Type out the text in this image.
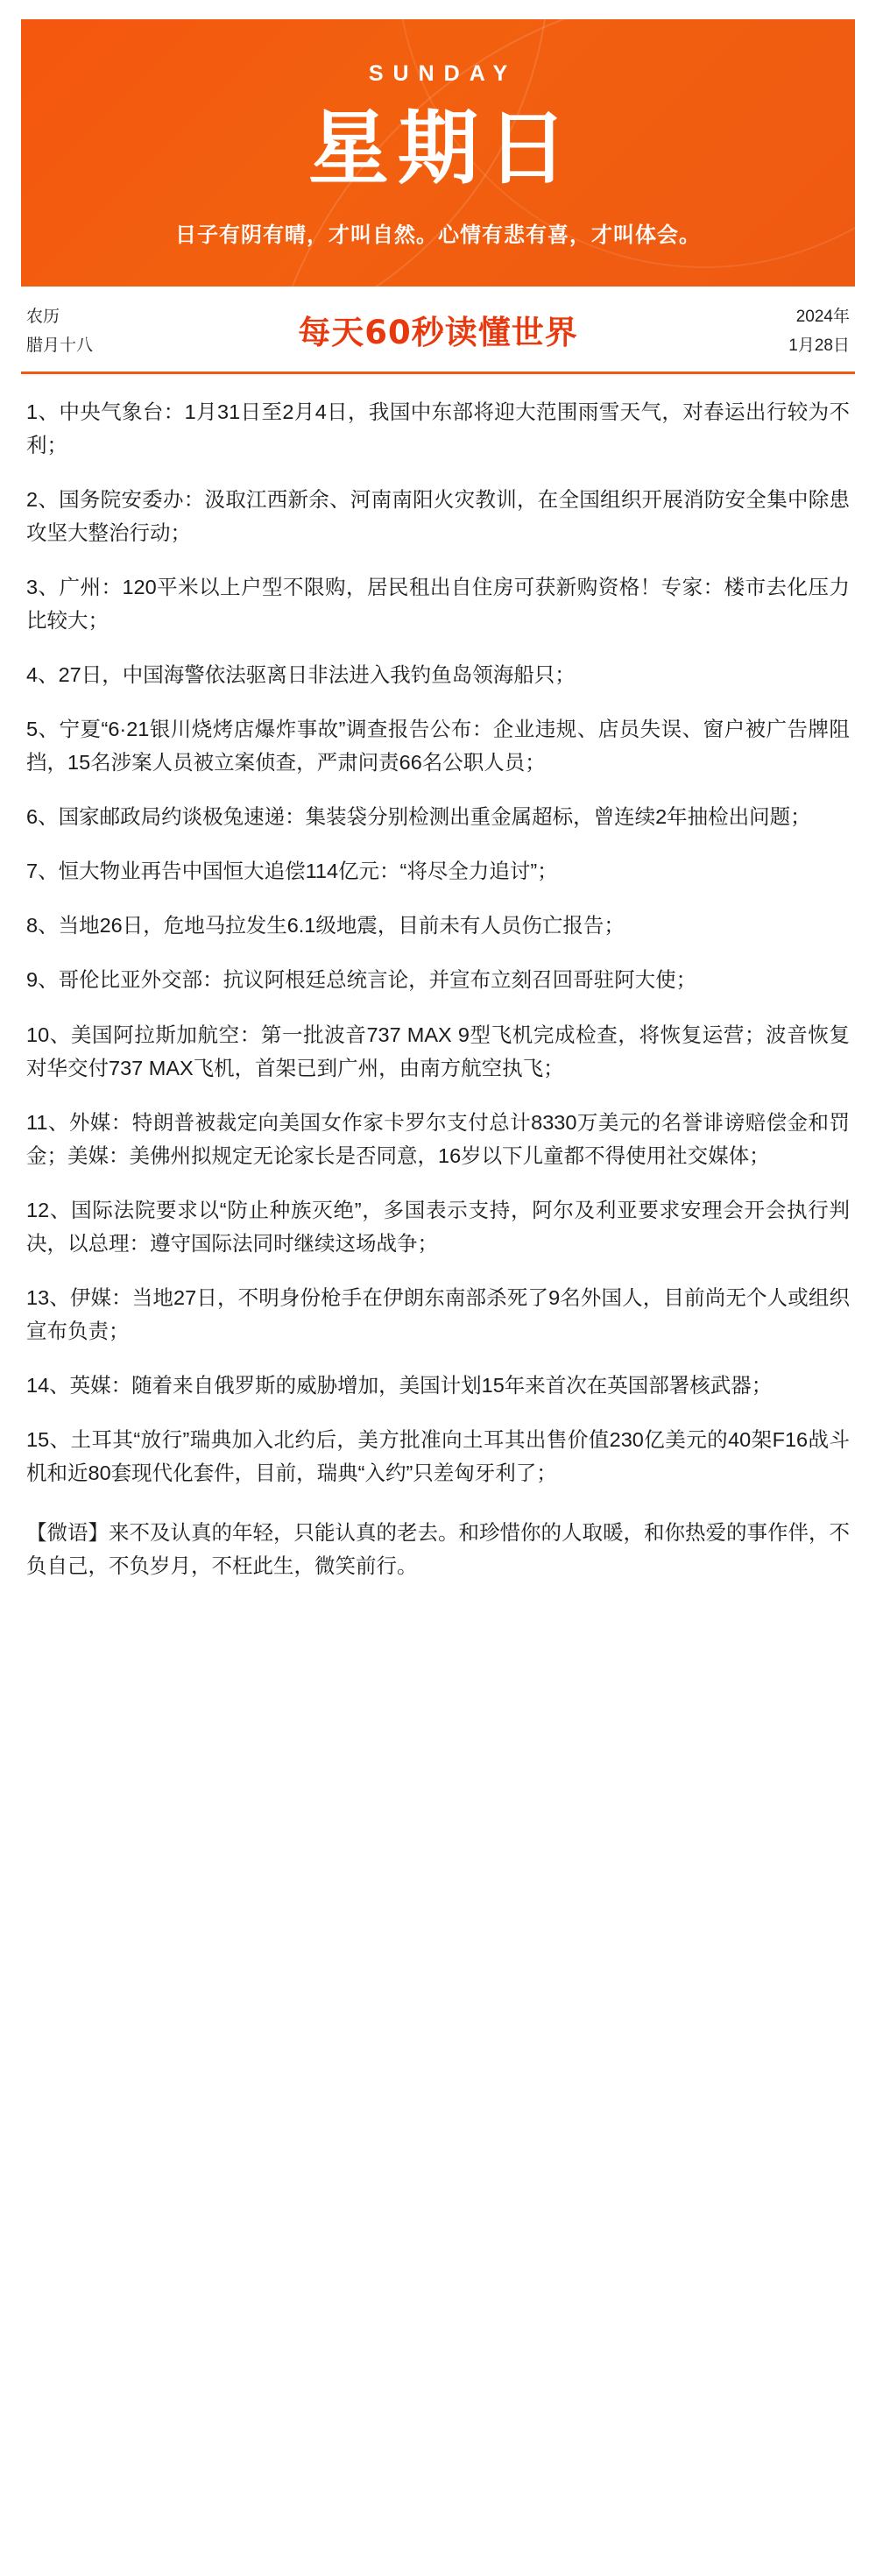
SUNDAY
星期日
日子有阴有晴，才叫自然。心情有悲有喜，才叫体会。
农历
腊月十八	每天60秒读懂世界	2024年
1月28日

1、中央气象台：1月31日至2月4日，我国中东部将迎大范围雨雪天气，对春运出行较为不利；

2、国务院安委办：汲取江西新余、河南南阳火灾教训，在全国组织开展消防安全集中除患攻坚大整治行动；

3、广州：120平米以上户型不限购，居民租出自住房可获新购资格！专家：楼市去化压力比较大；

4、27日，中国海警依法驱离日非法进入我钓鱼岛领海船只；

5、宁夏“6·21银川烧烤店爆炸事故”调查报告公布：企业违规、店员失误、窗户被广告牌阻挡，15名涉案人员被立案侦查，严肃问责66名公职人员；

6、国家邮政局约谈极兔速递：集装袋分别检测出重金属超标，曾连续2年抽检出问题；

7、恒大物业再告中国恒大追偿114亿元：“将尽全力追讨”；

8、当地26日，危地马拉发生6.1级地震，目前未有人员伤亡报告；

9、哥伦比亚外交部：抗议阿根廷总统言论，并宣布立刻召回哥驻阿大使；

10、美国阿拉斯加航空：第一批波音737 MAX 9型飞机完成检查，将恢复运营；波音恢复对华交付737 MAX飞机，首架已到广州，由南方航空执飞；

11、外媒：特朗普被裁定向美国女作家卡罗尔支付总计8330万美元的名誉诽谤赔偿金和罚金；美媒：美佛州拟规定无论家长是否同意，16岁以下儿童都不得使用社交媒体；

12、国际法院要求以“防止种族灭绝”，多国表示支持，阿尔及利亚要求安理会开会执行判决，以总理：遵守国际法同时继续这场战争；

13、伊媒：当地27日，不明身份枪手在伊朗东南部杀死了9名外国人，目前尚无个人或组织宣布负责；

14、英媒：随着来自俄罗斯的威胁增加，美国计划15年来首次在英国部署核武器；

15、土耳其“放行”瑞典加入北约后，美方批准向土耳其出售价值230亿美元的40架F16战斗机和近80套现代化套件，目前，瑞典“入约”只差匈牙利了；

【微语】来不及认真的年轻，只能认真的老去。和珍惜你的人取暖，和你热爱的事作伴，不负自己，不负岁月，不枉此生，微笑前行。
